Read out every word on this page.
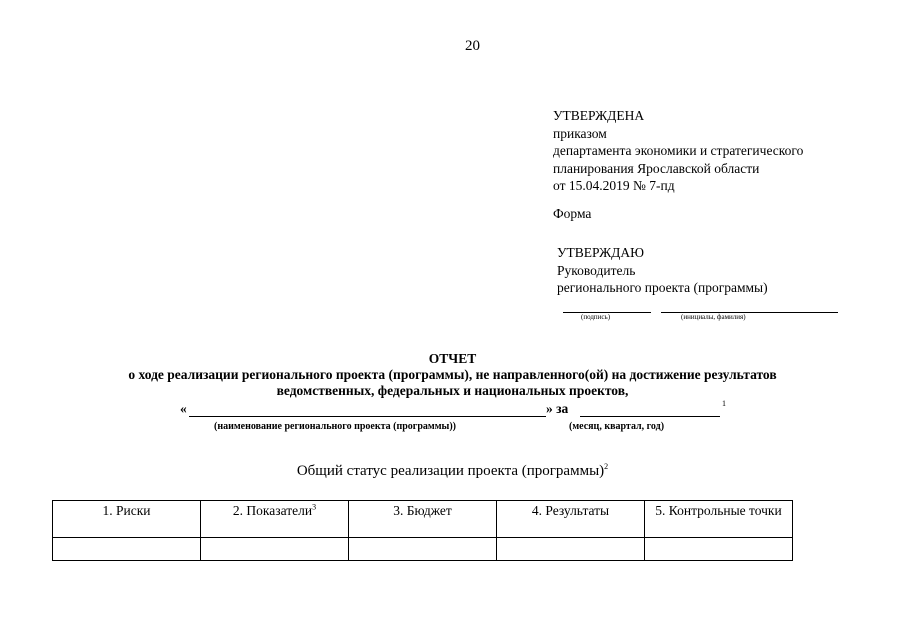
20
УТВЕРЖДЕНА
приказом
департамента экономики и стратегического
планирования Ярославской области
от 15.04.2019 № 7-пд
Форма
УТВЕРЖДАЮ
Руководитель
регионального проекта (программы)
(подпись)	(инициалы, фамилия)
ОТЧЕТ
о ходе реализации регионального проекта (программы), не направленного(ой) на достижение результатов
ведомственных, федеральных и национальных проектов,
«	» за	1
(наименование регионального проекта (программы))	(месяц, квартал, год)
Общий статус реализации проекта (программы)$^2$
1. Риски	2. Показатели$^3$	3. Бюджет	4. Результаты	5. Контрольные точки
